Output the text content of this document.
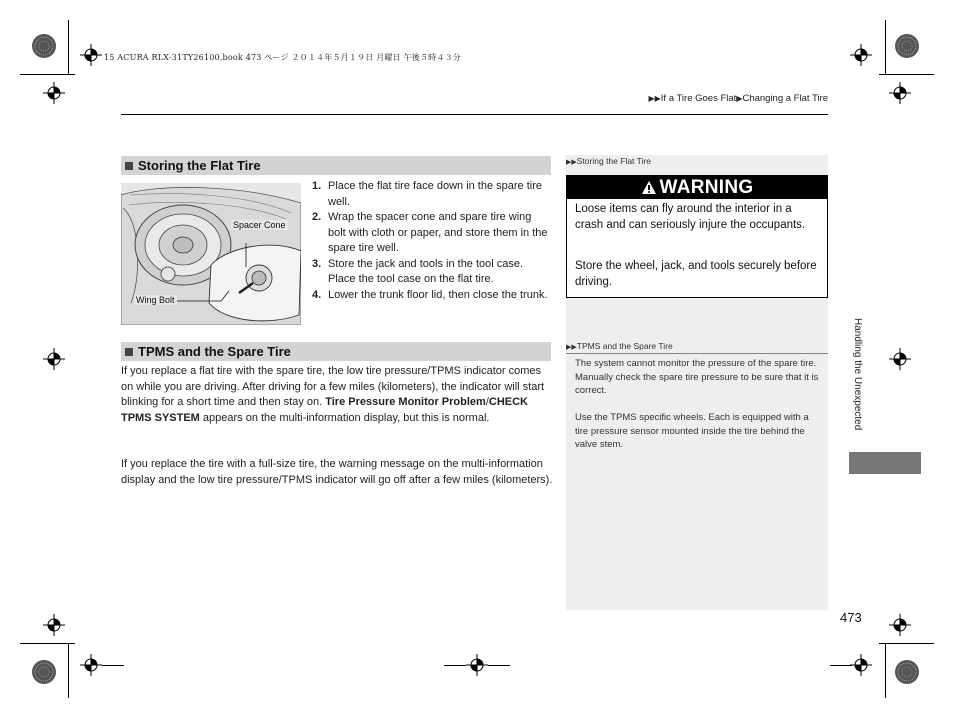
15 ACURA RLX-31TY26100.book 473 ページ ２０１４年５月１９日 月曜日 午後５時４３分
▶▶If a Tire Goes Flat▶Changing a Flat Tire
Storing the Flat Tire
Spacer Cone
Wing Bolt

1. Place the flat tire face down in the spare tire well.

2. Wrap the spacer cone and spare tire wing bolt with cloth or paper, and store them in the spare tire well.

3. Store the jack and tools in the tool case. Place the tool case on the flat tire.

4. Lower the trunk floor lid, then close the trunk.

TPMS and the Spare Tire
If you replace a flat tire with the spare tire, the low tire pressure/TPMS indicator comes on while you are driving. After driving for a few miles (kilometers), the indicator will start blinking for a short time and then stay on. Tire Pressure Monitor Problem/CHECK TPMS SYSTEM appears on the multi-information display, but this is normal.
If you replace the tire with a full-size tire, the warning message on the multi-information display and the low tire pressure/TPMS indicator will go off after a few miles (kilometers).
▶▶Storing the Flat Tire
WARNING
Loose items can fly around the interior in a crash and can seriously injure the occupants.
Store the wheel, jack, and tools securely before driving.
▶▶TPMS and the Spare Tire
The system cannot monitor the pressure of the spare tire. Manually check the spare tire pressure to be sure that it is correct.
Use the TPMS specific wheels. Each is equipped with a tire pressure sensor mounted inside the tire behind the valve stem.
Handling the Unexpected
473
